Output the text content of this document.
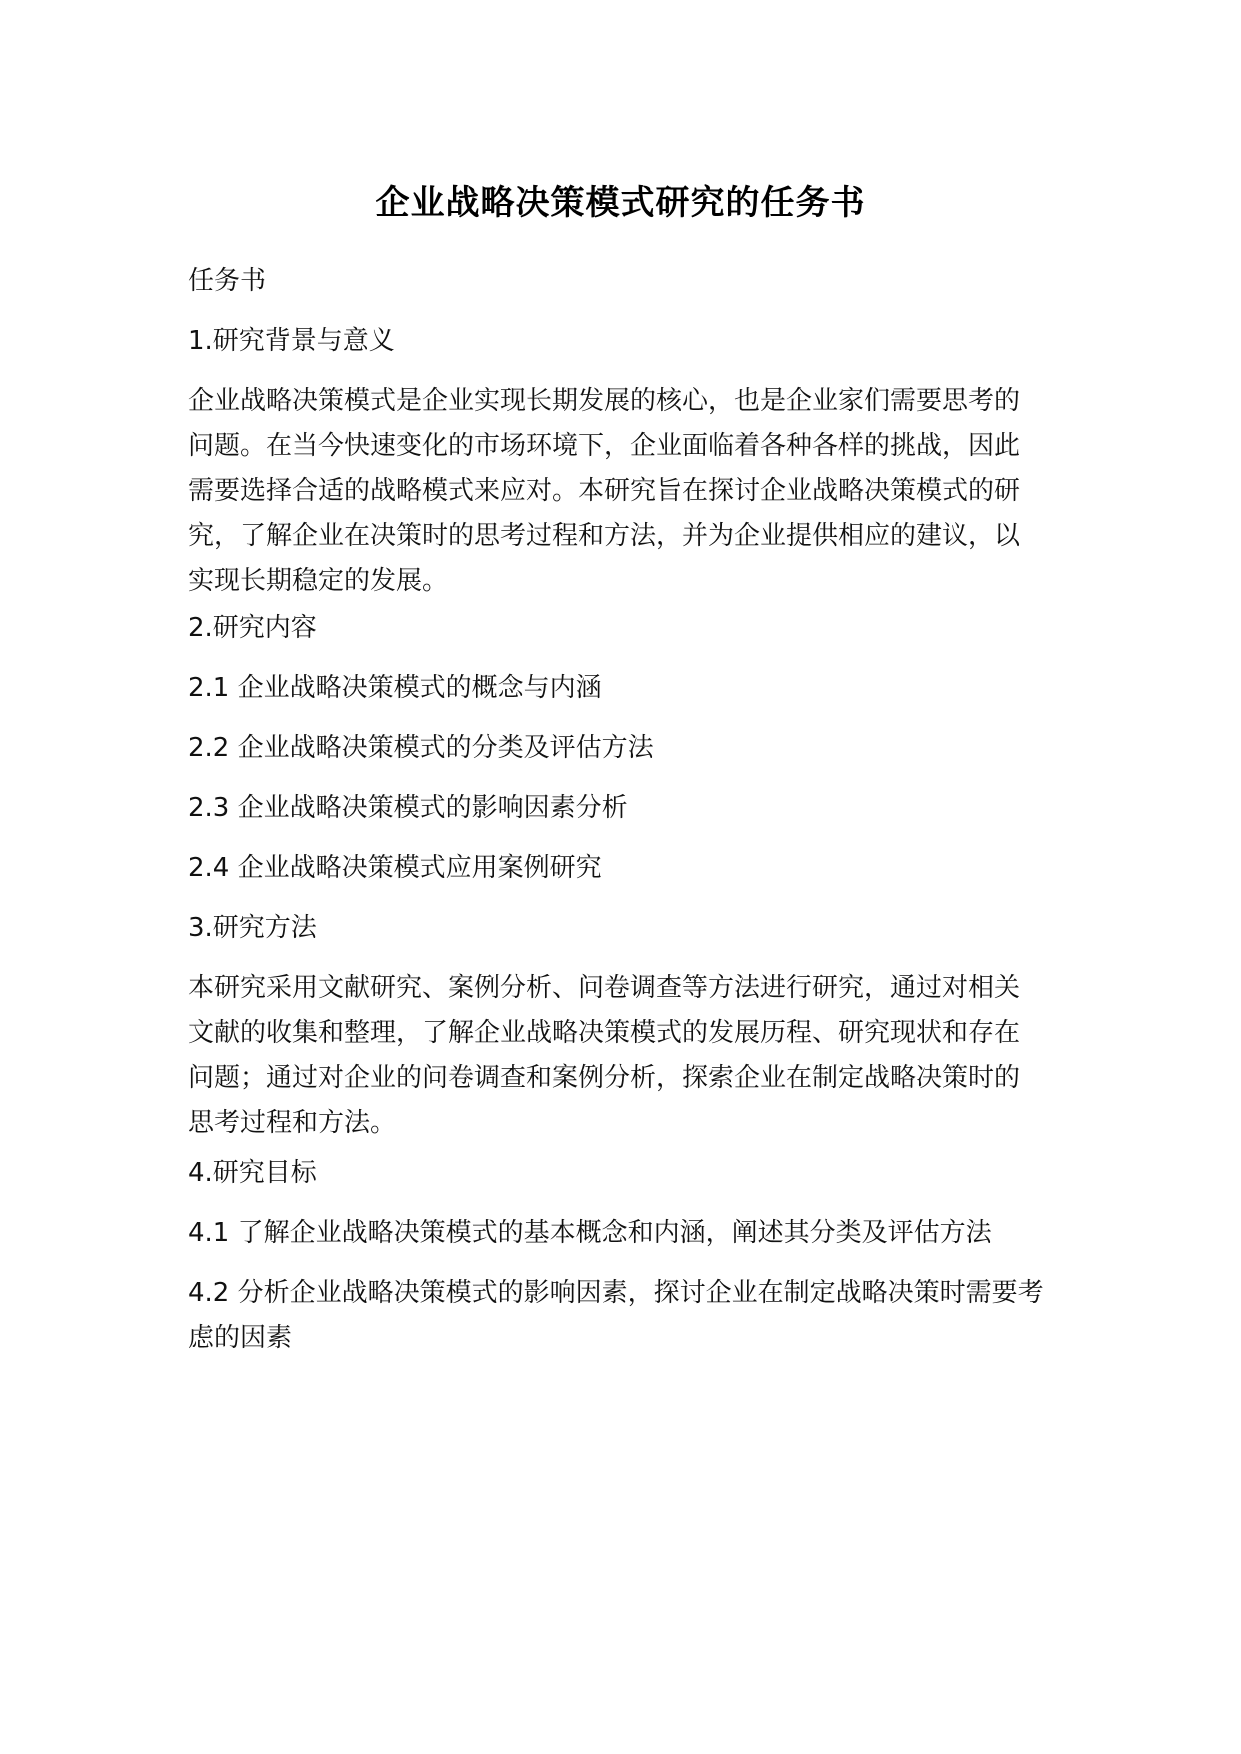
企业战略决策模式研究的任务书

任务书

1.研究背景与意义

企业战略决策模式是企业实现长期发展的核心，也是企业家们需要思考的问题。在当今快速变化的市场环境下，企业面临着各种各样的挑战，因此需要选择合适的战略模式来应对。本研究旨在探讨企业战略决策模式的研究，了解企业在决策时的思考过程和方法，并为企业提供相应的建议，以实现长期稳定的发展。

2.研究内容

2.1 企业战略决策模式的概念与内涵

2.2 企业战略决策模式的分类及评估方法

2.3 企业战略决策模式的影响因素分析

2.4 企业战略决策模式应用案例研究

3.研究方法

本研究采用文献研究、案例分析、问卷调查等方法进行研究，通过对相关文献的收集和整理，了解企业战略决策模式的发展历程、研究现状和存在问题；通过对企业的问卷调查和案例分析，探索企业在制定战略决策时的思考过程和方法。

4.研究目标

4.1 了解企业战略决策模式的基本概念和内涵，阐述其分类及评估方法

4.2 分析企业战略决策模式的影响因素，探讨企业在制定战略决策时需要考虑的因素
